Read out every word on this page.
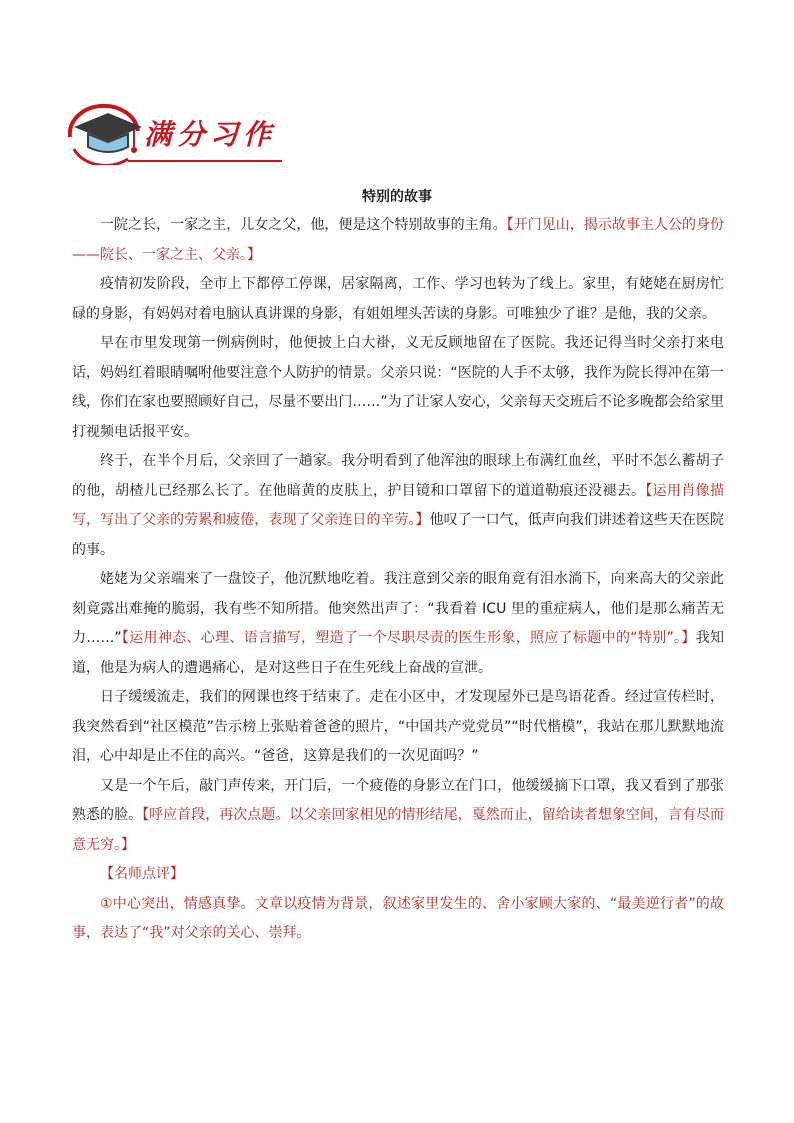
满分习作
特别的故事

一院之长，一家之主，儿女之父，他，便是这个特别故事的主角。【开门见山，揭示故事主人公的身份——院长、一家之主、父亲。】

疫情初发阶段，全市上下都停工停课，居家隔离，工作、学习也转为了线上。家里，有姥姥在厨房忙碌的身影，有妈妈对着电脑认真讲课的身影，有姐姐埋头苦读的身影。可唯独少了谁？是他，我的父亲。

早在市里发现第一例病例时，他便披上白大褂，义无反顾地留在了医院。我还记得当时父亲打来电话，妈妈红着眼睛嘱咐他要注意个人防护的情景。父亲只说：“医院的人手不太够，我作为院长得冲在第一线，你们在家也要照顾好自己，尽量不要出门……”为了让家人安心，父亲每天交班后不论多晚都会给家里打视频电话报平安。

终于，在半个月后，父亲回了一趟家。我分明看到了他浑浊的眼球上布满红血丝，平时不怎么蓄胡子的他，胡楂儿已经那么长了。在他暗黄的皮肤上，护目镜和口罩留下的道道勒痕还没褪去。【运用肖像描写，写出了父亲的劳累和疲倦，表现了父亲连日的辛劳。】他叹了一口气，低声向我们讲述着这些天在医院的事。

姥姥为父亲端来了一盘饺子，他沉默地吃着。我注意到父亲的眼角竟有泪水淌下，向来高大的父亲此刻竟露出难掩的脆弱，我有些不知所措。他突然出声了：“我看着 ICU 里的重症病人，他们是那么痛苦无力……”【运用神态、心理、语言描写，塑造了一个尽职尽责的医生形象，照应了标题中的“特别”。】我知道，他是为病人的遭遇痛心，是对这些日子在生死线上奋战的宣泄。

日子缓缓流走，我们的网课也终于结束了。走在小区中，才发现屋外已是鸟语花香。经过宣传栏时，我突然看到“社区模范”告示榜上张贴着爸爸的照片，“中国共产党党员”“时代楷模”，我站在那儿默默地流泪，心中却是止不住的高兴。“爸爸，这算是我们的一次见面吗？”

又是一个午后，敲门声传来，开门后，一个疲倦的身影立在门口，他缓缓摘下口罩，我又看到了那张熟悉的脸。【呼应首段，再次点题。以父亲回家相见的情形结尾，戛然而止，留给读者想象空间，言有尽而意无穷。】

【名师点评】

①中心突出，情感真挚。文章以疫情为背景，叙述家里发生的、舍小家顾大家的、“最美逆行者”的故事，表达了“我”对父亲的关心、崇拜。
